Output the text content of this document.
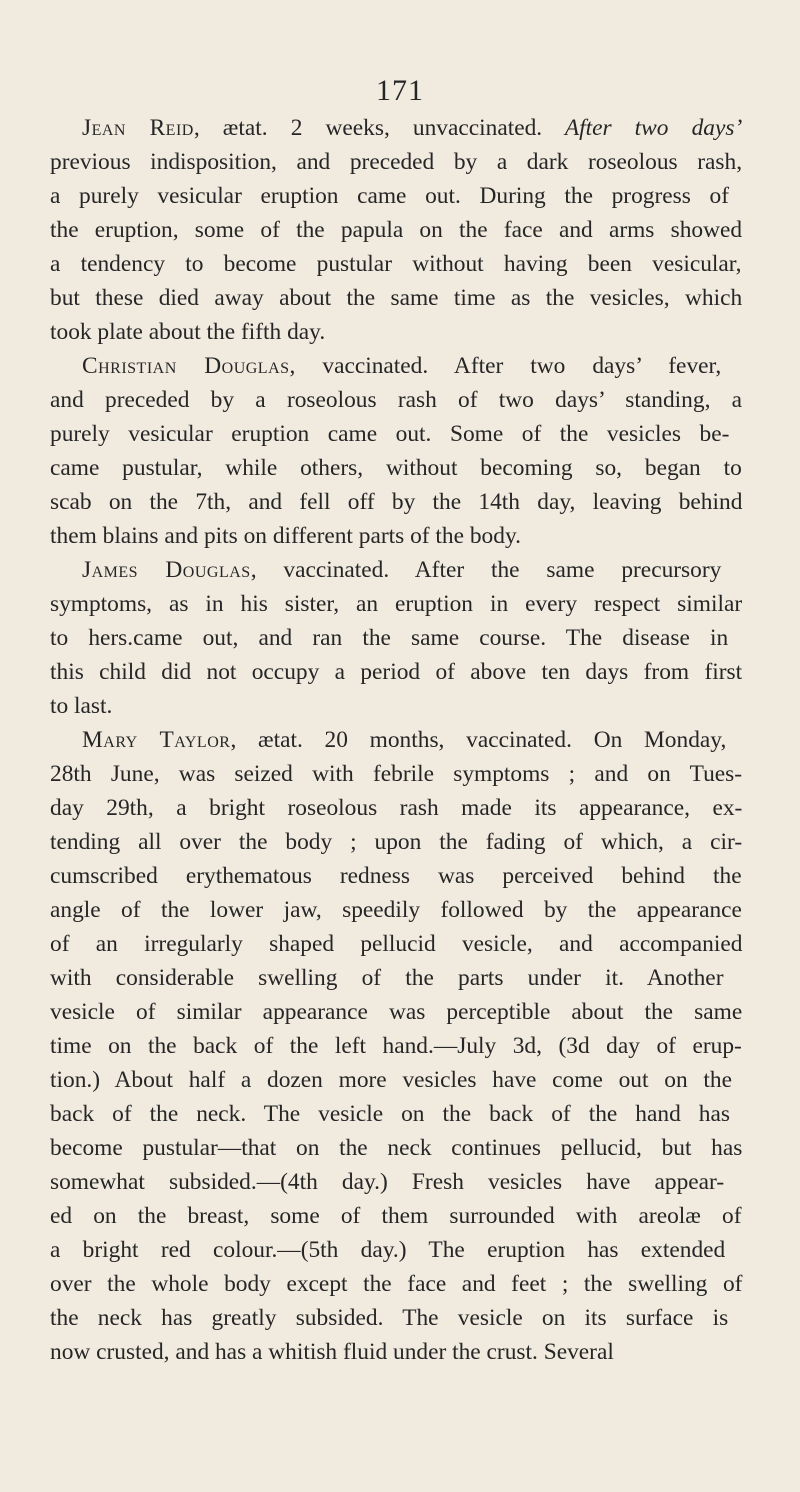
171
Jean Reid, ætat. 2 weeks, unvaccinated. After two days’
previous indisposition, and preceded by a dark roseolous rash,
a purely vesicular eruption came out. During the progress of
the eruption, some of the papula on the face and arms showed
a tendency to become pustular without having been vesicular,
but these died away about the same time as the vesicles, which
took plate about the fifth day.
Christian Douglas, vaccinated. After two days’ fever,
and preceded by a roseolous rash of two days’ standing, a
purely vesicular eruption came out. Some of the vesicles be-
came pustular, while others, without becoming so, began to
scab on the 7th, and fell off by the 14th day, leaving behind
them blains and pits on different parts of the body.
James Douglas, vaccinated. After the same precursory
symptoms, as in his sister, an eruption in every respect similar
to hers.came out, and ran the same course. The disease in
this child did not occupy a period of above ten days from first
to last.
Mary Taylor, ætat. 20 months, vaccinated. On Monday,
28th June, was seized with febrile symptoms ; and on Tues-
day 29th, a bright roseolous rash made its appearance, ex-
tending all over the body ; upon the fading of which, a cir-
cumscribed erythematous redness was perceived behind the
angle of the lower jaw, speedily followed by the appearance
of an irregularly shaped pellucid vesicle, and accompanied
with considerable swelling of the parts under it. Another
vesicle of similar appearance was perceptible about the same
time on the back of the left hand.—July 3d, (3d day of erup-
tion.) About half a dozen more vesicles have come out on the
back of the neck. The vesicle on the back of the hand has
become pustular—that on the neck continues pellucid, but has
somewhat subsided.—(4th day.) Fresh vesicles have appear-
ed on the breast, some of them surrounded with areolæ of
a bright red colour.—(5th day.) The eruption has extended
over the whole body except the face and feet ; the swelling of
the neck has greatly subsided. The vesicle on its surface is
now crusted, and has a whitish fluid under the crust. Several
